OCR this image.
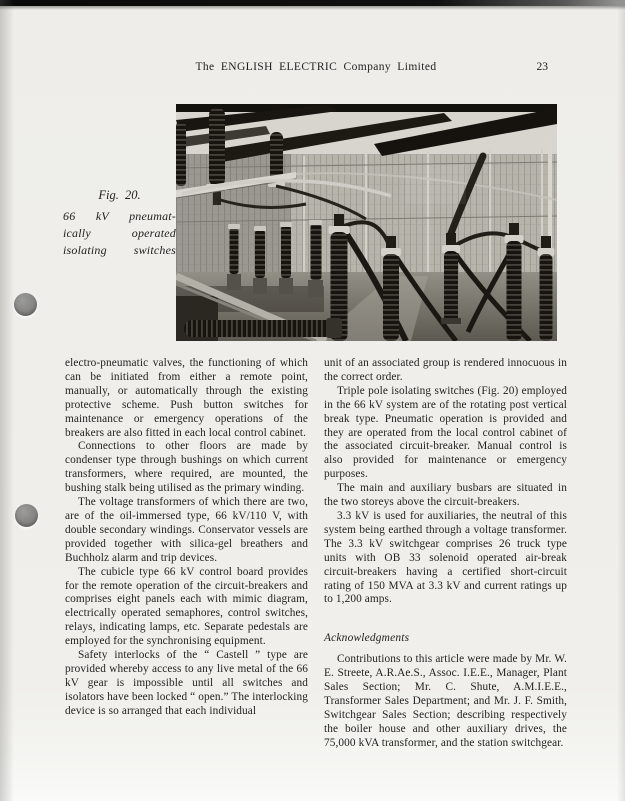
The ENGLISH ELECTRIC Company Limited	23
Fig. 20.
66 kV pneumat-
ically operated
isolating switches

electro-pneumatic valves, the functioning of which can be initiated from either a remote point, manually, or automatically through the existing protective scheme. Push button switches for maintenance or emergency operations of the breakers are also fitted in each local control cabinet.

Connections to other floors are made by condenser type through bushings on which current transformers, where required, are mounted, the bushing stalk being utilised as the primary winding.

The voltage transformers of which there are two, are of the oil-immersed type, 66 kV/110 V, with double secondary windings. Conservator vessels are provided together with silica-gel breathers and Buchholz alarm and trip devices.

The cubicle type 66 kV control board provides for the remote operation of the circuit-breakers and comprises eight panels each with mimic diagram, electrically operated semaphores, control switches, relays, indicating lamps, etc. Separate pedestals are employed for the synchronising equipment.

Safety interlocks of the “ Castell ” type are provided whereby access to any live metal of the 66 kV gear is impossible until all switches and isolators have been locked “ open.” The interlocking device is so arranged that each individual

unit of an associated group is rendered innocuous in the correct order.

Triple pole isolating switches (Fig. 20) employed in the 66 kV system are of the rotating post vertical break type. Pneumatic operation is provided and they are operated from the local control cabinet of the associated circuit-breaker. Manual control is also provided for maintenance or emergency purposes.

The main and auxiliary busbars are situated in the two storeys above the circuit-breakers.

3.3 kV is used for auxiliaries, the neutral of this system being earthed through a voltage transformer. The 3.3 kV switchgear comprises 26 truck type units with OB 33 solenoid operated air-break circuit-breakers having a certified short-circuit rating of 150 MVA at 3.3 kV and current ratings up to 1,200 amps.

Acknowledgments

Contributions to this article were made by Mr. W. E. Streete, A.R.Ae.S., Assoc. I.E.E., Manager, Plant Sales Section; Mr. C. Shute, A.M.I.E.E., Transformer Sales Department; and Mr. J. F. Smith, Switchgear Sales Section; describing respectively the boiler house and other auxiliary drives, the 75,000 kVA transformer, and the station switchgear.
